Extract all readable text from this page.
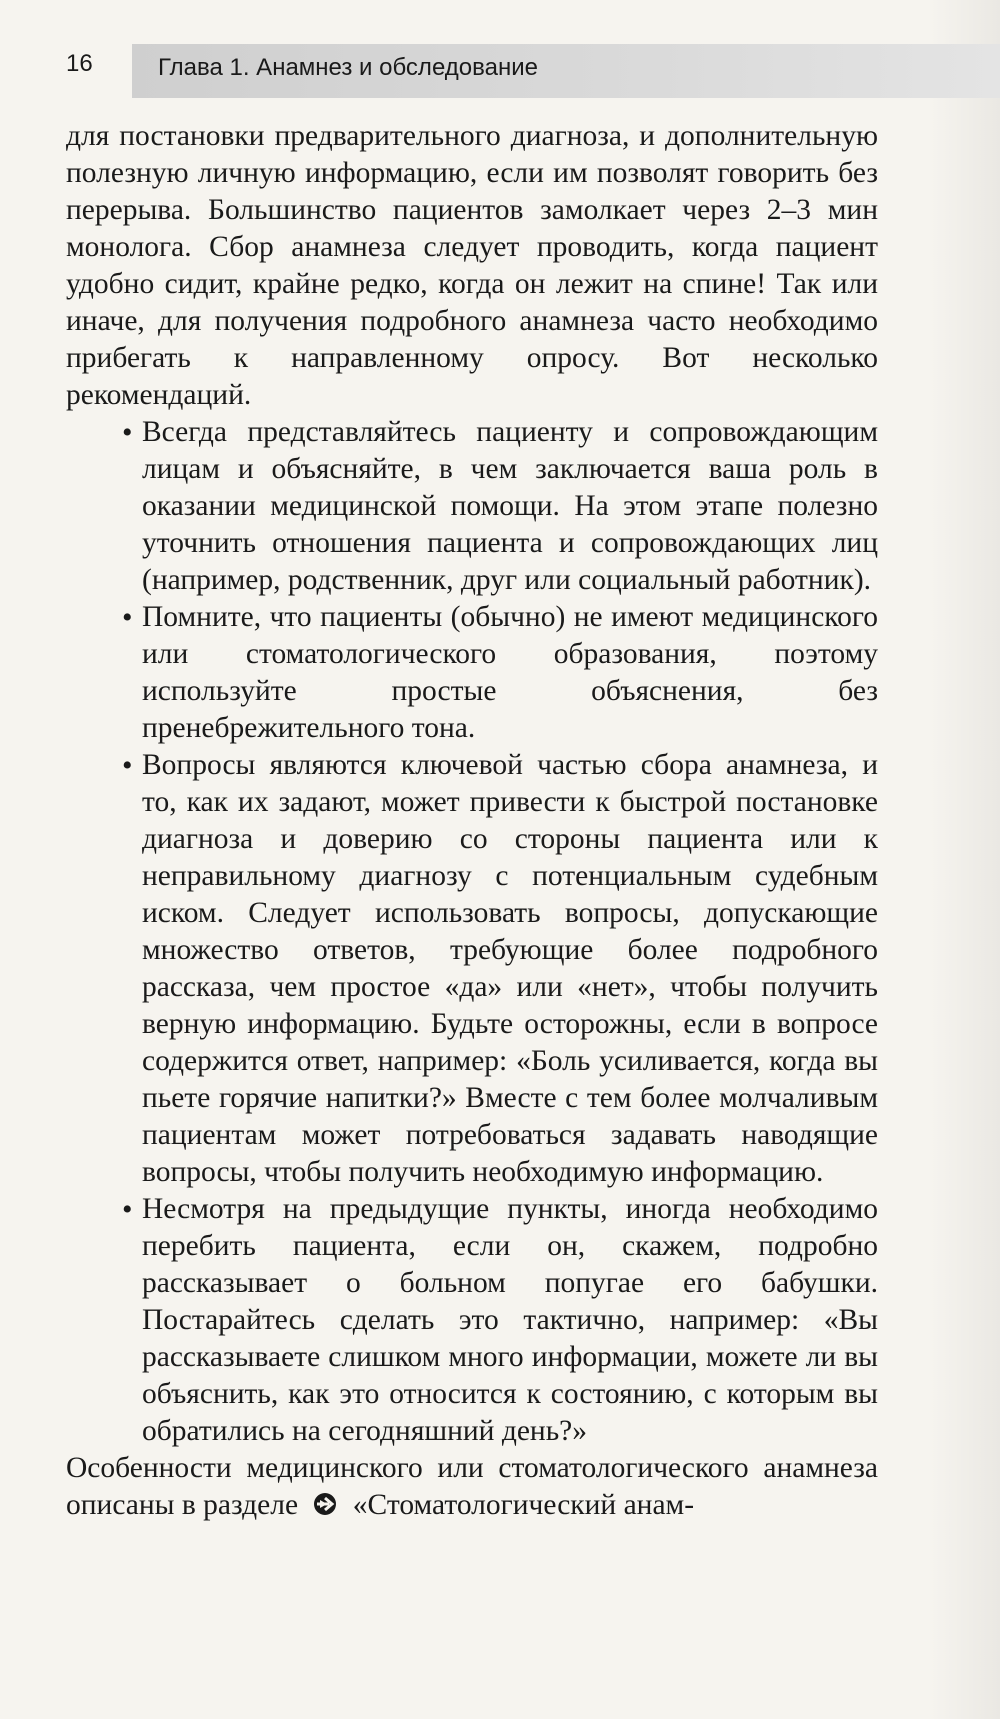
16	Глава 1. Анамнез и обследование

для постановки предварительного диагноза, и дополнительную полезную личную информацию, если им позволят говорить без перерыва. Большинство пациентов замолкает через 2–3 мин монолога. Сбор анамнеза следует проводить, когда пациент удобно сидит, крайне редко, когда он лежит на спине! Так или иначе, для получения подробного анамнеза часто необходимо прибегать к направленному опросу. Вот несколько рекомендаций.

• Всегда представляйтесь пациенту и сопровождающим лицам и объясняйте, в чем заключается ваша роль в оказании медицинской помощи. На этом этапе полезно уточнить отношения пациента и сопровождающих лиц (например, родственник, друг или социальный работник).
• Помните, что пациенты (обычно) не имеют медицинского или стоматологического образования, поэтому используйте простые объяснения, без пренебрежительного тона.
• Вопросы являются ключевой частью сбора анамнеза, и то, как их задают, может привести к быстрой постановке диагноза и доверию со стороны пациента или к неправильному диагнозу с потенциальным судебным иском. Следует использовать вопросы, допускающие множество ответов, требующие более подробного рассказа, чем простое «да» или «нет», чтобы получить верную информацию. Будьте осторожны, если в вопросе содержится ответ, например: «Боль усиливается, когда вы пьете горячие напитки?» Вместе с тем более молчаливым пациентам может потребоваться задавать наводящие вопросы, чтобы получить необходимую информацию.
• Несмотря на предыдущие пункты, иногда необходимо перебить пациента, если он, скажем, подробно рассказывает о больном попугае его бабушки. Постарайтесь сделать это тактично, например: «Вы рассказываете слишком много информации, можете ли вы объяснить, как это относится к состоянию, с которым вы обратились на сегодняшний день?»

Особенности медицинского или стоматологического анамнеза описаны в разделе «Стоматологический анам-
